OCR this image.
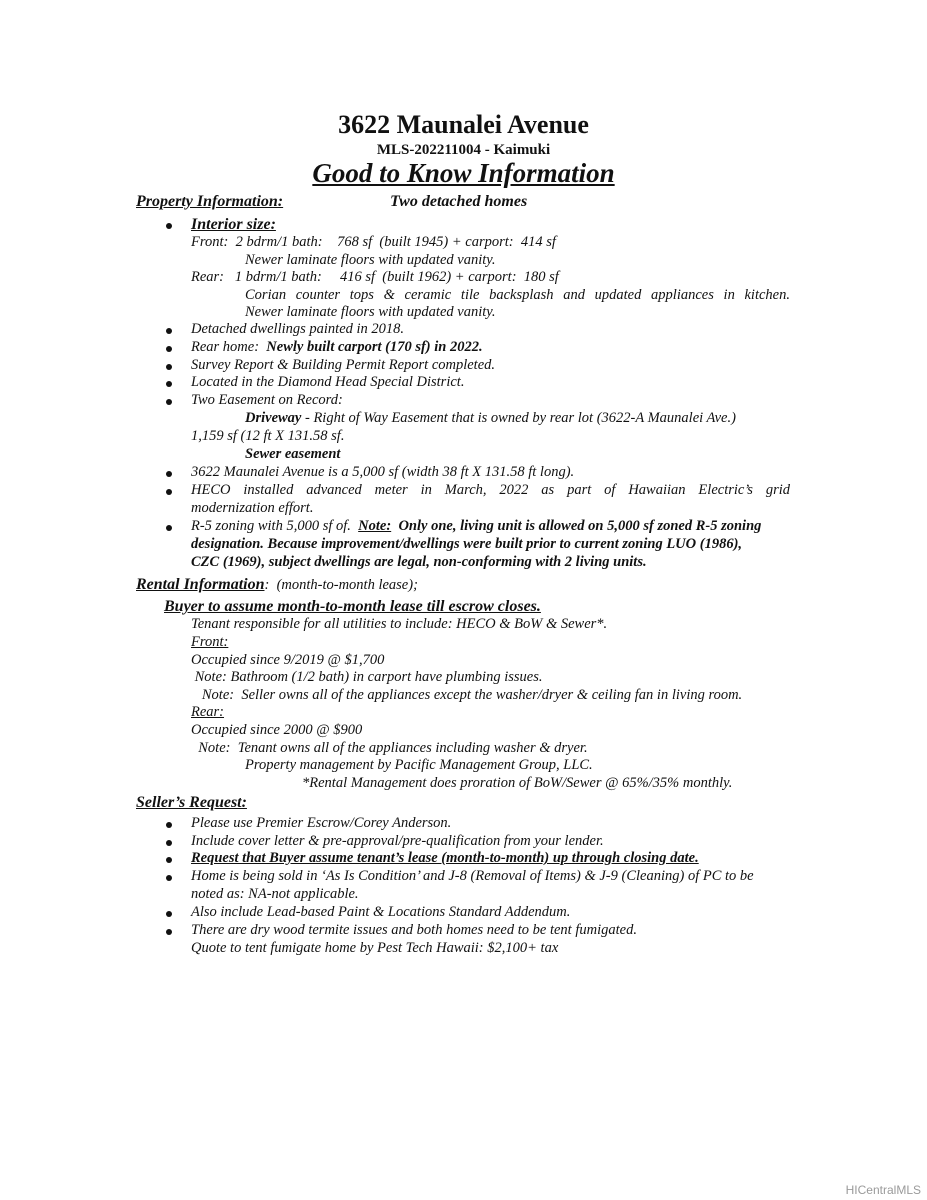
3622 Maunalei Avenue
MLS-202211004 - Kaimuki
Good to Know Information
Property Information:	Two detached homes
Interior size:
Front:  2 bdrm/1 bath:    768 sf  (built 1945) + carport:  414 sf
Newer laminate floors with updated vanity.
Rear:   1 bdrm/1 bath:     416 sf  (built 1962) + carport:  180 sf
Corian counter tops & ceramic tile backsplash and updated appliances in kitchen.
Newer laminate floors with updated vanity.
Detached dwellings painted in 2018.
Rear home:  Newly built carport (170 sf) in 2022.
Survey Report & Building Permit Report completed.
Located in the Diamond Head Special District.
Two Easement on Record:
Driveway - Right of Way Easement that is owned by rear lot (3622-A Maunalei Ave.)
1,159 sf (12 ft X 131.58 sf.
Sewer easement
3622 Maunalei Avenue is a 5,000 sf (width 38 ft X 131.58 ft long).
HECO installed advanced meter in March, 2022 as part of Hawaiian Electric’s grid
modernization effort.
R-5 zoning with 5,000 sf of.  Note:  Only one, living unit is allowed on 5,000 sf zoned R-5 zoning
designation. Because improvement/dwellings were built prior to current zoning LUO (1986),
CZC (1969), subject dwellings are legal, non-conforming with 2 living units.
Rental Information:  (month-to-month lease);
Buyer to assume month-to-month lease till escrow closes.
Tenant responsible for all utilities to include: HECO & BoW & Sewer*.
Front:
Occupied since 9/2019 @ $1,700
Note: Bathroom (1/2 bath) in carport have plumbing issues.
Note:  Seller owns all of the appliances except the washer/dryer & ceiling fan in living room.
Rear:
Occupied since 2000 @ $900
Note:  Tenant owns all of the appliances including washer & dryer.
Property management by Pacific Management Group, LLC.
*Rental Management does proration of BoW/Sewer @ 65%/35% monthly.
Seller’s Request:
Please use Premier Escrow/Corey Anderson.
Include cover letter & pre-approval/pre-qualification from your lender.
Request that Buyer assume tenant’s lease (month-to-month) up through closing date.
Home is being sold in ‘As Is Condition’ and J-8 (Removal of Items) & J-9 (Cleaning) of PC to be
noted as: NA-not applicable.
Also include Lead-based Paint & Locations Standard Addendum.
There are dry wood termite issues and both homes need to be tent fumigated.
Quote to tent fumigate home by Pest Tech Hawaii: $2,100+ tax
HICentralMLS
